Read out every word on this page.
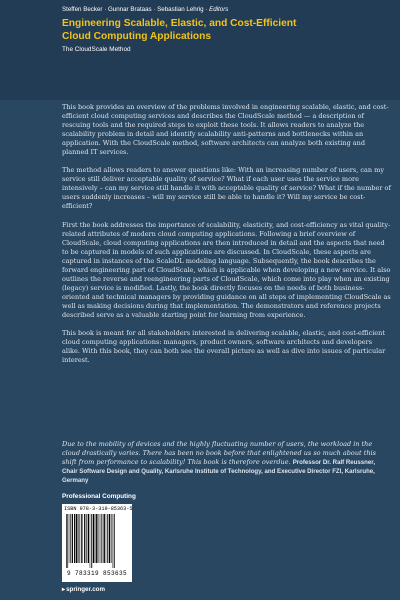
Steffen Becker · Gunnar Brataas · Sebastian Lehrig · Editors
Engineering Scalable, Elastic, and Cost-Efficient
Cloud Computing Applications
The CloudScale Method

This book provides an overview of the problems involved in engineering scalable, elastic, and cost-efficient cloud computing services and describes the CloudScale method — a description of rescuing tools and the required steps to exploit these tools. It allows readers to analyze the scalability problem in detail and identify scalability anti-patterns and bottlenecks within an application. With the CloudScale method, software architects can analyze both existing and planned IT services.

The method allows readers to answer questions like: With an increasing number of users, can my service still deliver acceptable quality of service? What if each user uses the service more intensively – can my service still handle it with acceptable quality of service? What if the number of users suddenly increases – will my service still be able to handle it? Will my service be cost-efficient?

First the book addresses the importance of scalability, elasticity, and cost-efficiency as vital quality-related attributes of modern cloud computing applications. Following a brief overview of CloudScale, cloud computing applications are then introduced in detail and the aspects that need to be captured in models of such applications are discussed. In CloudScale, these aspects are captured in instances of the ScaleDL modeling language. Subsequently, the book describes the forward engineering part of CloudScale, which is applicable when developing a new service. It also outlines the reverse and reengineering parts of CloudScale, which come into play when an existing (legacy) service is modified. Lastly, the book directly focuses on the needs of both business-oriented and technical managers by providing guidance on all steps of implementing CloudScale as well as making decisions during that implementation. The demonstrators and reference projects described serve as a valuable starting point for learning from experience.

This book is meant for all stakeholders interested in delivering scalable, elastic, and cost-efficient cloud computing applications: managers, product owners, software architects and developers alike. With this book, they can both see the overall picture as well as dive into issues of particular interest.

Due to the mobility of devices and the highly fluctuating number of users, the workload in the cloud drastically varies. There has been no book before that enlightened us so much about this shift from performance to scalability! This book is therefore overdue. Professor Dr. Ralf Reussner, Chair Software Design and Quality, Karlsruhe Institute of Technology, and Executive Director FZI, Karlsruhe, Germany
Professional Computing
ISBN 978-3-319-85363-5
9 783319 853635
▸springer.com
